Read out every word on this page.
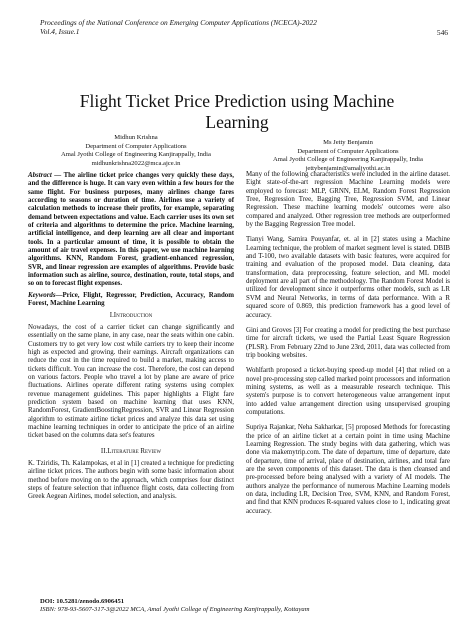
Proceedings of the National Conference on Emerging Computer Applications (NCECA)-2022
Vol.4, Issue.1	546
Flight Ticket Price Prediction using Machine
Learning
Midhun Krishna
Department of Computer Applications
Amal Jyothi College of Engineering Kanjirappally, India
midhunkrishna2022@mca.ajce.in
Ms Jetty Benjamin
Department of Computer Applications
Amal Jyothi College of Engineering Kanjirappally, India
jettybenjamin@amaljyothi.ac.in

Abstract — The airline ticket price changes very quickly these days, and the difference is huge. It can vary even within a few hours for the same flight. For business purposes, many airlines change fares according to seasons or duration of time. Airlines use a variety of calculation methods to increase their profits, for example, separating demand between expectations and value. Each carrier uses its own set of criteria and algorithms to determine the price. Machine learning, artificial intelligence, and deep learning are all clear and important tools. In a particular amount of time, it is possible to obtain the amount of air travel expenses. In this paper, we use machine learning algorithms. KNN, Random Forest, gradient-enhanced regression, SVR, and linear regression are examples of algorithms. Provide basic information such as airline, source, destination, route, total stops, and so on to forecast flight expenses.

Keywords—Price, Flight, Regressor, Prediction, Accuracy, Random Forest, Machine Learning

I.Introduction

Nowadays, the cost of a carrier ticket can change significantly and essentially on the same plane, in any case, near the seats within one cabin. Customers try to get very low cost while carriers try to keep their income high as expected and growing. their earnings. Aircraft organizations can reduce the cost in the time required to build a market, making access to tickets difficult. You can increase the cost. Therefore, the cost can depend on various factors. People who travel a lot by plane are aware of price fluctuations. Airlines operate different rating systems using complex revenue management guidelines. This paper highlights a Flight fare prediction system based on machine learning that uses KNN, RandomForest, GradientBoostingRegression, SVR and Linear Regression algorithm to estimate airline ticket prices and analyze this data set using machine learning techniques in order to anticipate the price of an airline ticket based on the columns data set's features

II.Literature Review

K. Tziridis, Th. Kalampokas, et al in [1] created a technique for predicting airline ticket prices. The authors begin with some basic information about method before moving on to the approach, which comprises four distinct steps of feature selection that influence flight costs, data collecting from Greek Aegean Airlines, model selection, and analysis.

Many of the following characteristics were included in the airline dataset. Eight state-of-the-art regression Machine Learning models were employed to forecast: MLP, GRNN, ELM, Random Forest Regression Tree, Regression Tree, Bagging Tree, Regression SVM, and Linear Regression. These machine learning models' outcomes were also compared and analyzed. Other regression tree methods are outperformed by the Bagging Regression Tree model.

Tianyi Wang, Samira Pouyanfar, et. al in [2] states using a Machine Learning technique, the problem of market segment level is stated. DBIB and T-100, two available datasets with basic features, were acquired for training and evaluation of the proposed model. Data cleaning, data transformation, data preprocessing, feature selection, and ML model deployment are all part of the methodology. The Random Forest Model is utilized for development since it outperforms other models, such as LR SVM and Neural Networks, in terms of data performance. With a R squared score of 0.869, this prediction framework has a good level of accuracy.

Gini and Groves [3] For creating a model for predicting the best purchase time for aircraft tickets, we used the Partial Least Square Regression (PLSR). From February 22nd to June 23rd, 2011, data was collected from trip booking websites.

Wohlfarth proposed a ticket-buying speed-up model [4] that relied on a novel pre-processing step called marked point processors and information mining systems, as well as a measurable research technique. This system's purpose is to convert heterogeneous value arrangement input into added value arrangement direction using unsupervised grouping computations.

Supriya Rajankar, Neha Sakharkar, [5] proposed Methods for forecasting the price of an airline ticket at a certain point in time using Machine Learning Regression. The study begins with data gathering, which was done via makemytrip.com. The date of departure, time of departure, date of departure, time of arrival, place of destination, airlines, and total fare are the seven components of this dataset. The data is then cleansed and pre-processed before being analysed with a variety of AI models. The authors analyze the performance of numerous Machine Learning models on data, including LR, Decision Tree, SVM, KNN, and Random Forest, and find that KNN produces R-squared values close to 1, indicating great accuracy.

DOI: 10.5281/zenodo.6906451
ISBN: 978-93-5607-317-3@2022 MCA, Amal Jyothi College of Engineering Kanjirappally, Kottayam
